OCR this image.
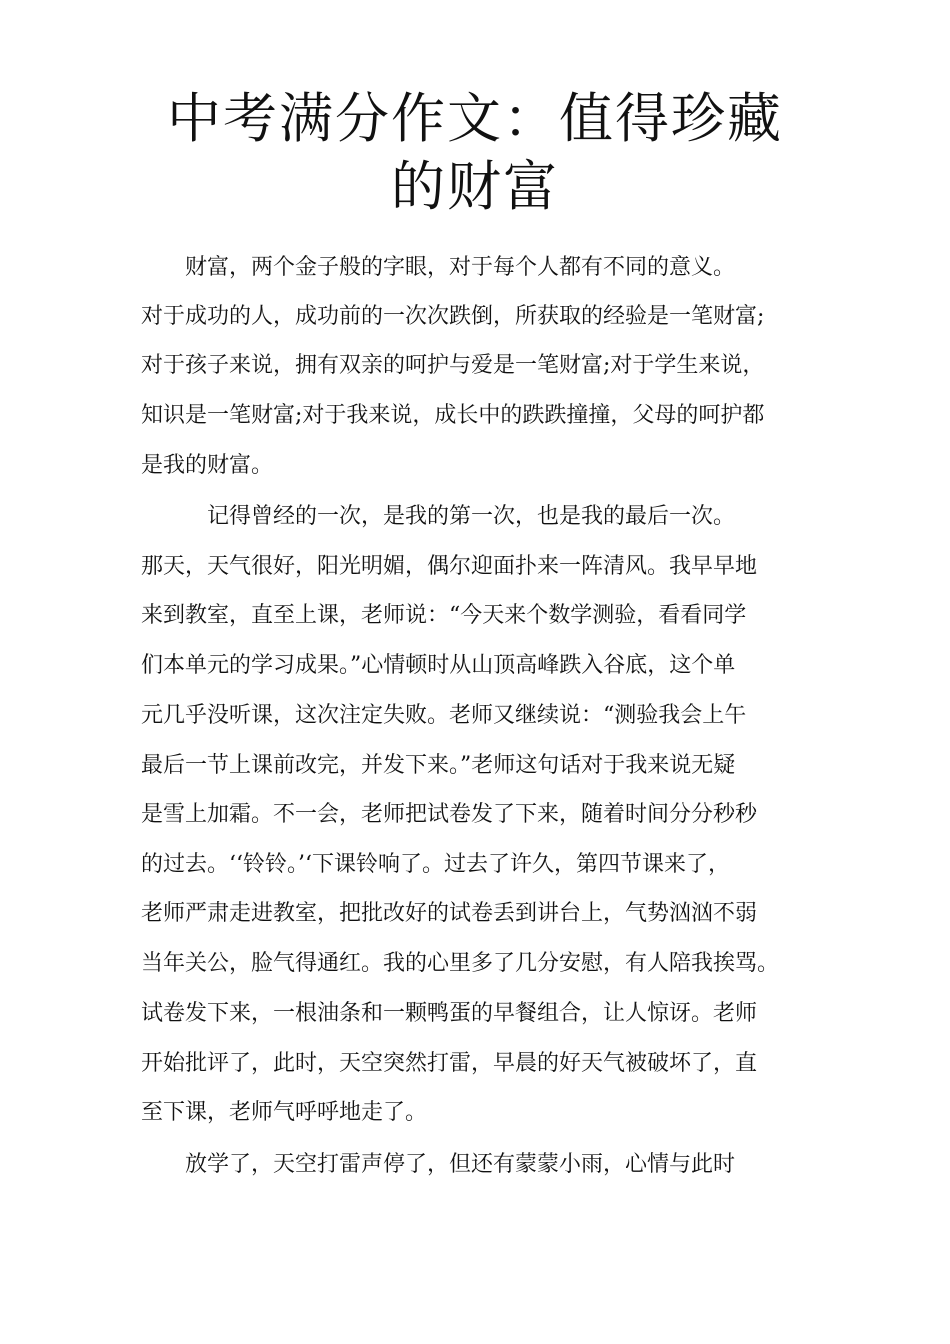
中考满分作文：值得珍藏
的财富
　　财富，两个金子般的字眼，对于每个人都有不同的意义。
对于成功的人，成功前的一次次跌倒，所获取的经验是一笔财富;
对于孩子来说，拥有双亲的呵护与爱是一笔财富;对于学生来说，
知识是一笔财富;对于我来说，成长中的跌跌撞撞，父母的呵护都
是我的财富。
　　　记得曾经的一次，是我的第一次，也是我的最后一次。
那天，天气很好，阳光明媚，偶尔迎面扑来一阵清风。我早早地
来到教室，直至上课，老师说：“今天来个数学测验，看看同学
们本单元的学习成果。”心情顿时从山顶高峰跌入谷底，这个单
元几乎没听课，这次注定失败。老师又继续说：“测验我会上午
最后一节上课前改完，并发下来。”老师这句话对于我来说无疑
是雪上加霜。不一会，老师把试卷发了下来，随着时间分分秒秒
的过去。‘‘铃铃。’‘下课铃响了。过去了许久，第四节课来了，
老师严肃走进教室，把批改好的试卷丢到讲台上，气势汹汹不弱
当年关公，脸气得通红。我的心里多了几分安慰，有人陪我挨骂。
试卷发下来，一根油条和一颗鸭蛋的早餐组合，让人惊讶。老师
开始批评了，此时，天空突然打雷，早晨的好天气被破坏了，直
至下课，老师气呼呼地走了。
　　放学了，天空打雷声停了，但还有蒙蒙小雨，心情与此时
